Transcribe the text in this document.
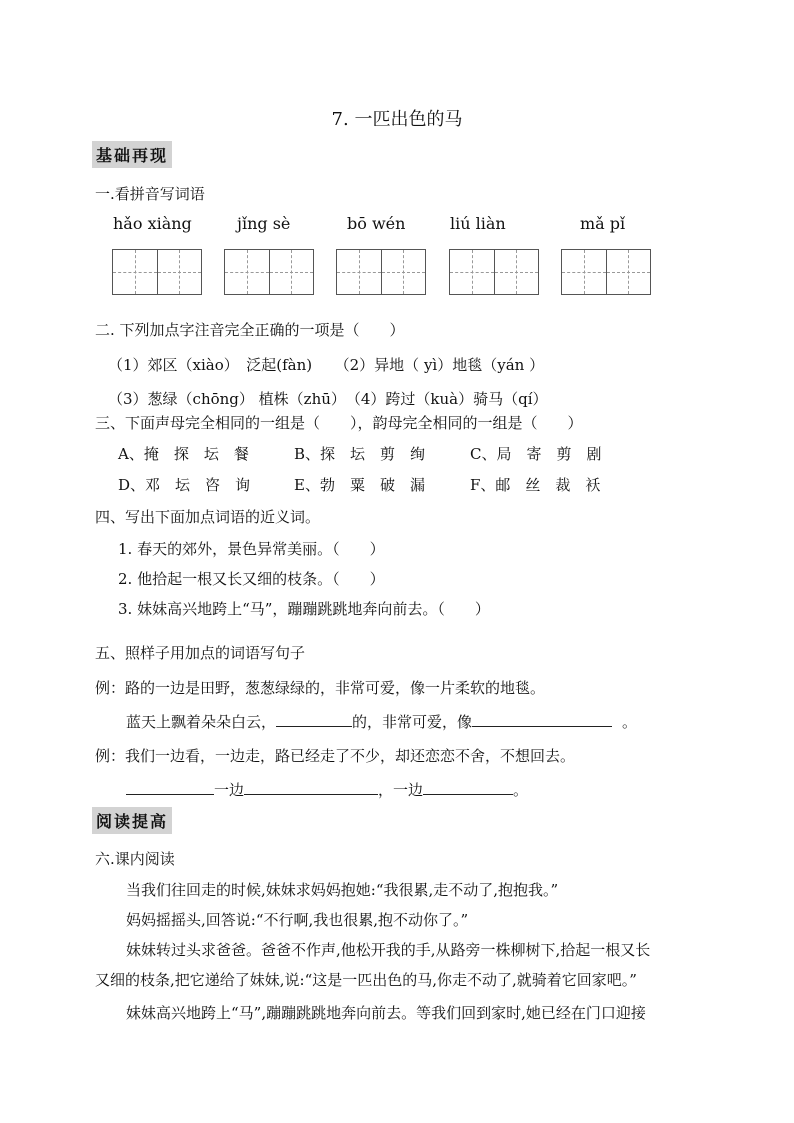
7. 一匹出色的马
基础再现
一.看拼音写词语
hǎo xiàng	jǐng sè	bō wén	liú liàn	mǎ pǐ
二. 下列加点字注音完全正确的一项是（　　）
（1）郊区（xiào）　泛起(fàn)　　（2）异地（ yì）地毯（yán ）
（3）葱绿（chōng） 植株（zhū）　（4）跨过（kuà）骑马（qí）
三、下面声母完全相同的一组是（　　），韵母完全相同的一组是（　　）
A、掩　探　坛　餐	B、探　坛　剪　绚	C、局　寄　剪　剧
D、邓　坛　咨　询	E、勃　粟　破　漏	F、邮　丝　裁　袄
四、写出下面加点词语的近义词。
1. 春天的郊外，景色异常美丽。（　　）
2. 他拾起一根又长又细的枝条。（　　）
3. 妹妹高兴地跨上“马”，蹦蹦跳跳地奔向前去。（　　）
五、照样子用加点的词语写句子
例：路的一边是田野，葱葱绿绿的，非常可爱，像一片柔软的地毯。
蓝天上飘着朵朵白云，	的，非常可爱，像	。
例：我们一边看，一边走，路已经走了不少，却还恋恋不舍，不想回去。
一边	，一边	。
阅读提高
六.课内阅读
当我们往回走的时候,妹妹求妈妈抱她:“我很累,走不动了,抱抱我。”
妈妈摇摇头,回答说:“不行啊,我也很累,抱不动你了。”
妹妹转过头求爸爸。爸爸不作声,他松开我的手,从路旁一株柳树下,拾起一根又长
又细的枝条,把它递给了妹妹,说:“这是一匹出色的马,你走不动了,就骑着它回家吧。”
妹妹高兴地跨上“马”,蹦蹦跳跳地奔向前去。等我们回到家时,她已经在门口迎接
